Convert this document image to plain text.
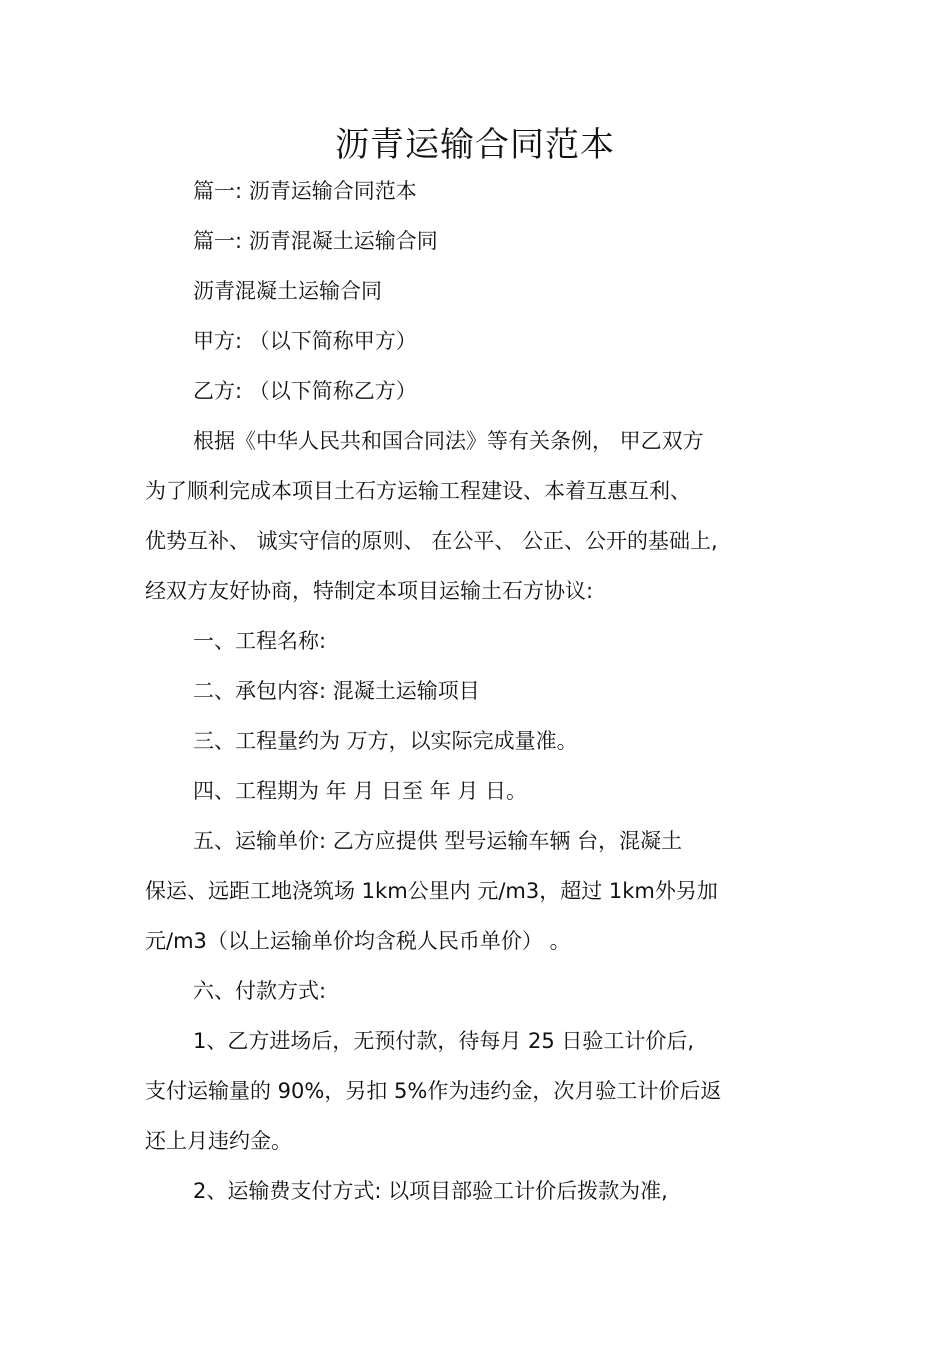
沥青运输合同范本

篇一: 沥青运输合同范本

篇一: 沥青混凝土运输合同

沥青混凝土运输合同

甲方: （以下简称甲方）

乙方: （以下简称乙方）

根据《中华人民共和国合同法》等有关条例， 甲乙双方

为了顺利完成本项目土石方运输工程建设、本着互惠互利、

优势互补、 诚实守信的原则、 在公平、 公正、公开的基础上,

经双方友好协商，特制定本项目运输土石方协议:

一、工程名称:

二、承包内容: 混凝土运输项目

三、工程量约为 万方，以实际完成量准。

四、工程期为 年 月 日至 年 月 日。

五、运输单价: 乙方应提供 型号运输车辆 台，混凝土

保运、远距工地浇筑场 1km公里内 元/m3，超过 1km外另加

元/m3（以上运输单价均含税人民币单价） 。

六、付款方式:

1、乙方进场后，无预付款，待每月 25 日验工计价后,

支付运输量的 90%，另扣 5%作为违约金，次月验工计价后返

还上月违约金。

2、运输费支付方式: 以项目部验工计价后拨款为准,
